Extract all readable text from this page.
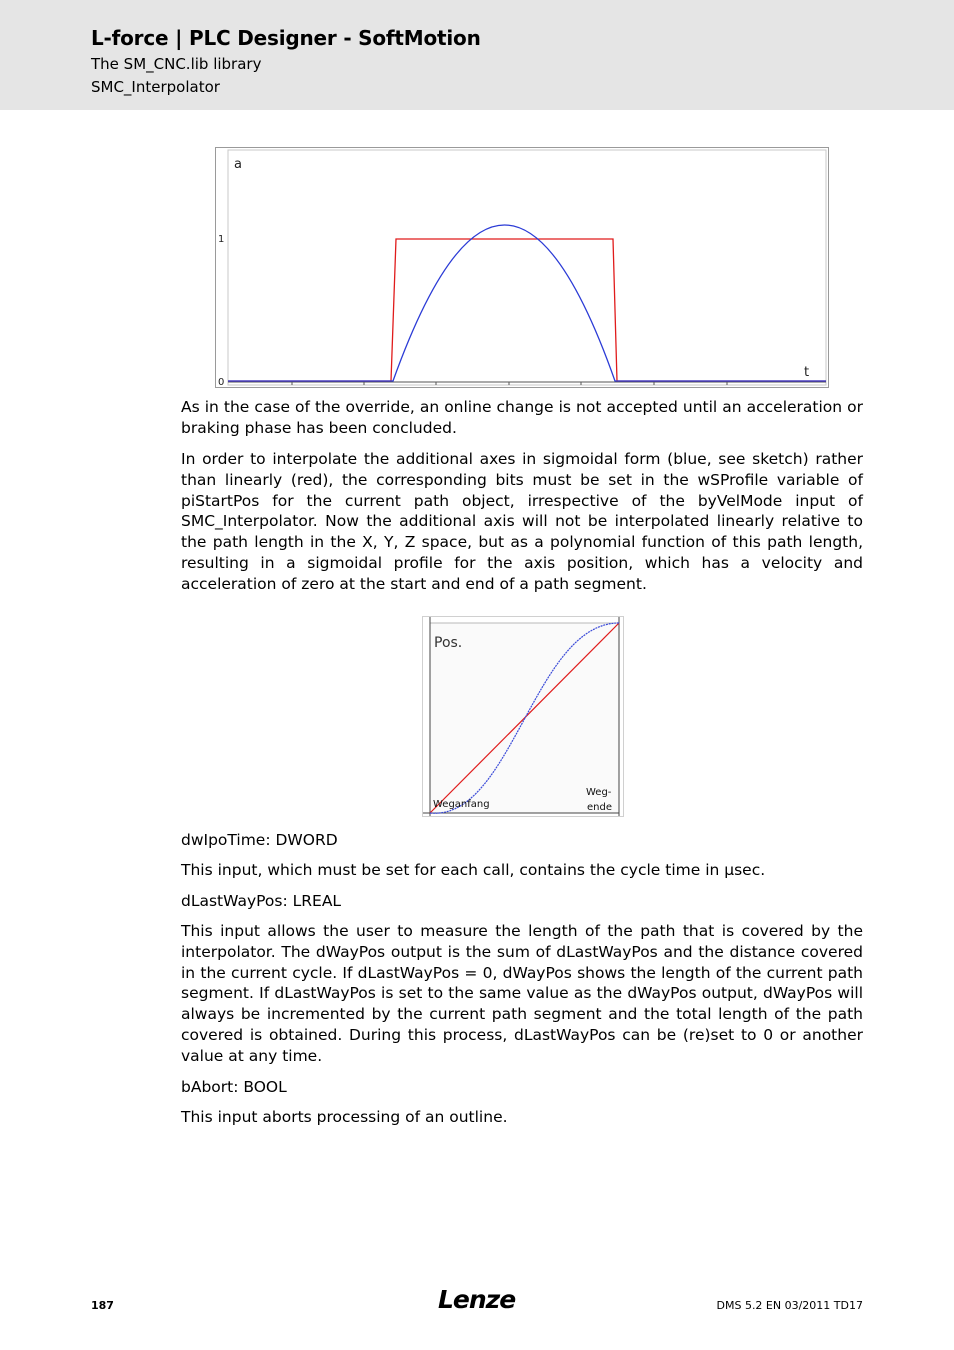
L-force | PLC Designer - SoftMotion
The SM_CNC.lib library
SMC_Interpolator
a
t
1
0

As in the case of the override, an online change is not accepted until an acceleration or braking phase has been concluded.

In order to interpolate the additional axes in sigmoidal form (blue, see sketch) rather than linearly (red), the corresponding bits must be set in the wSProfile variable of piStartPos for the current path object, irrespective of the byVelMode input of SMC_Interpolator. Now the additional axis will not be interpolated linearly relative to the path length in the X, Y, Z space, but as a polynomial function of this path length, resulting in a sigmoidal profile for the axis position, which has a velocity and acceleration of zero at the start and end of a path segment.

Pos.
Weganfang
Weg-
ende
dwIpoTime: DWORD

This input, which must be set for each call, contains the cycle time in µsec.

dLastWayPos: LREAL

This input allows the user to measure the length of the path that is covered by the interpolator. The dWayPos output is the sum of dLastWayPos and the distance covered in the current cycle. If dLastWayPos = 0, dWayPos shows the length of the current path segment. If dLastWayPos is set to the same value as the dWayPos output, dWayPos will always be incremented by the current path segment and the total length of the path covered is obtained. During this process, dLastWayPos can be (re)set to 0 or another value at any time.

bAbort: BOOL

This input aborts processing of an outline.

187	Lenze	DMS 5.2 EN 03/2011 TD17
